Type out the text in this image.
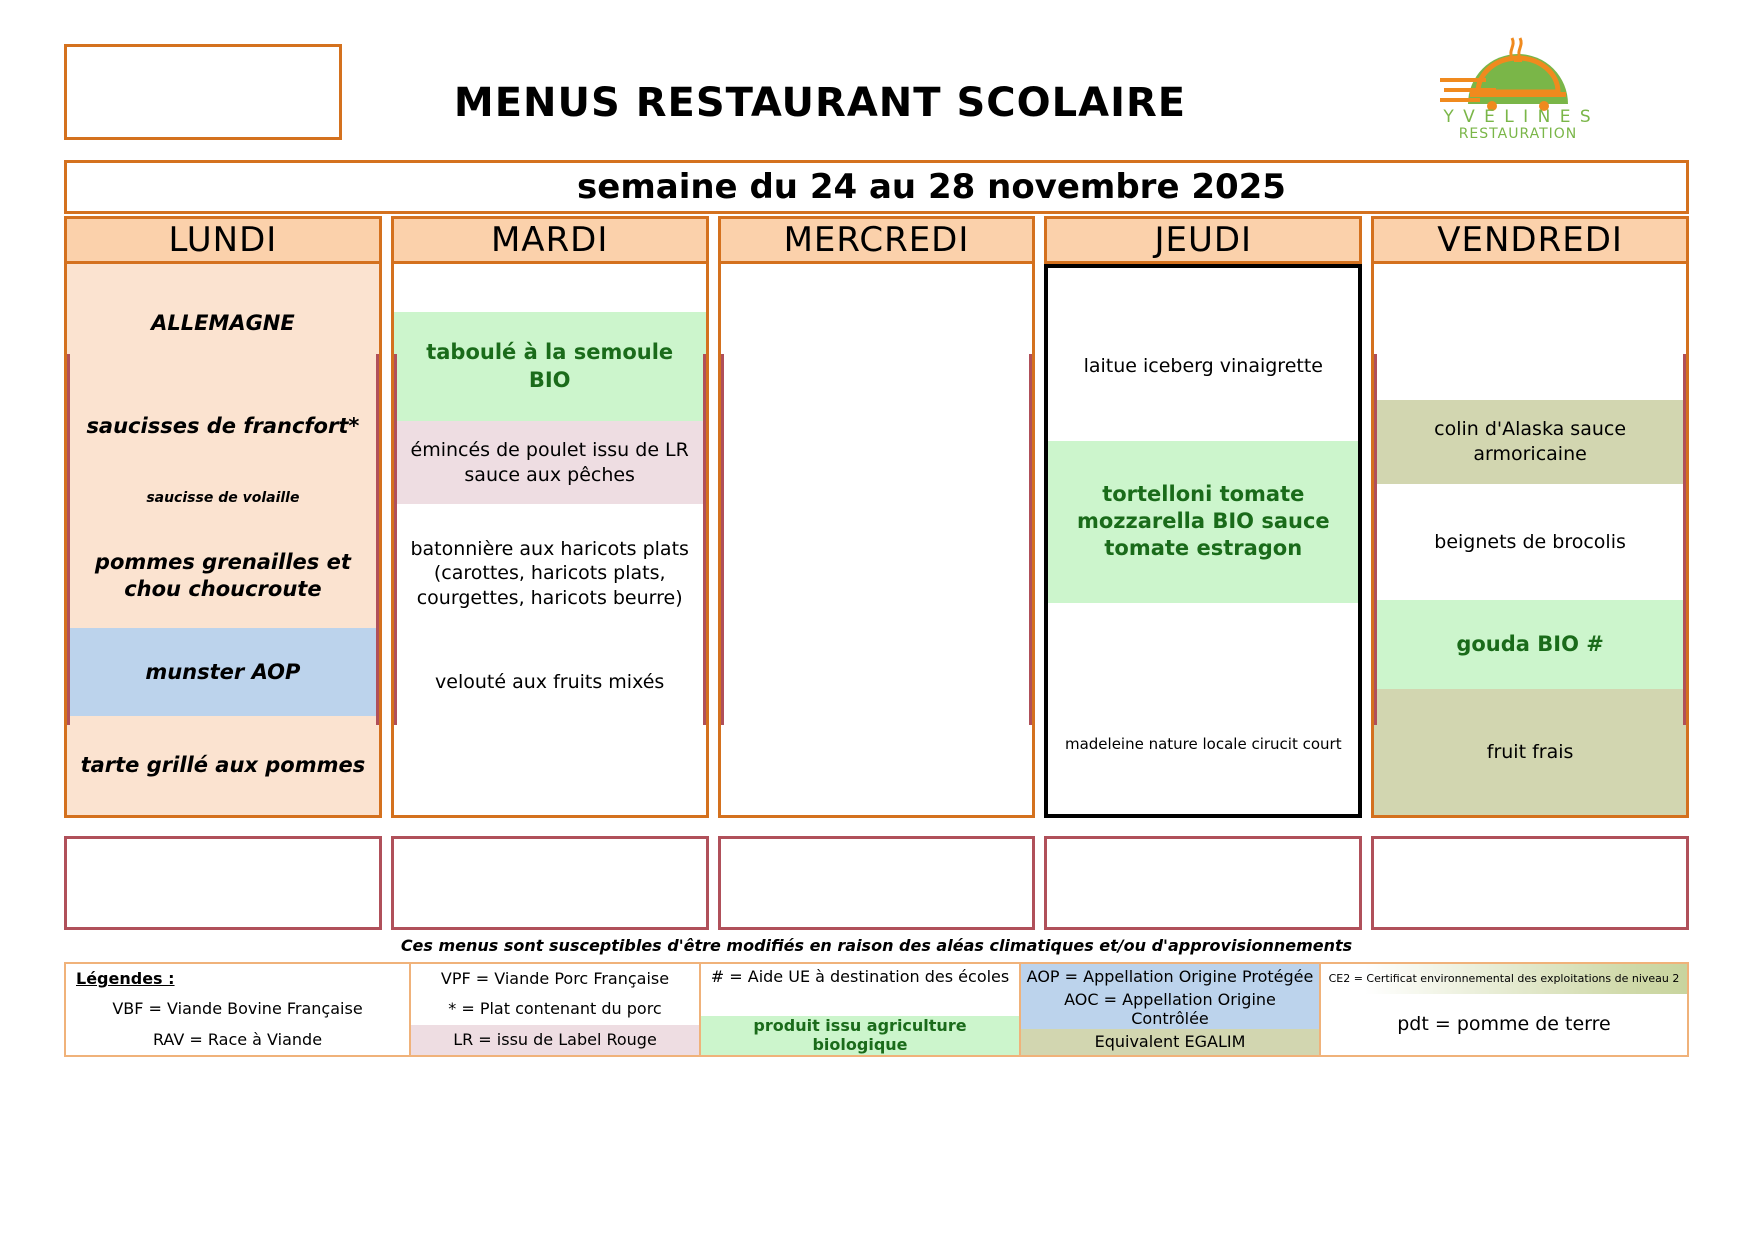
MENUS RESTAURANT SCOLAIRE	Y V E L I N E S
RESTAURATION
semaine du 24 au 28 novembre 2025
LUNDI
ALLEMAGNE
saucisses de francfort*
saucisse de volaille
pommes grenailles et chou choucroute
munster AOP
tarte grillé aux pommes
MARDI
taboulé à la semoule BIO
émincés de poulet issu de LR sauce aux pêches
batonnière aux haricots plats (carottes, haricots plats, courgettes, haricots beurre)
velouté aux fruits mixés
MERCREDI	JEUDI
laitue iceberg vinaigrette
tortelloni tomate mozzarella BIO sauce tomate estragon
madeleine nature locale cirucit court
VENDREDI
colin d'Alaska sauce armoricaine
beignets de brocolis
gouda BIO #
fruit frais
Ces menus sont susceptibles d'être modifiés en raison des aléas climatiques et/ou d'approvisionnements
Légendes :
VBF = Viande Bovine Française
RAV = Race à Viande
VPF = Viande Porc Française
* = Plat contenant du porc
LR = issu de Label Rouge
# = Aide UE à destination des écoles
produit issu agriculture biologique
AOP = Appellation Origine Protégée
AOC = Appellation Origine Contrôlée
Equivalent EGALIM
CE2 = Certificat environnemental des exploitations de niveau 2
pdt = pomme de terre
